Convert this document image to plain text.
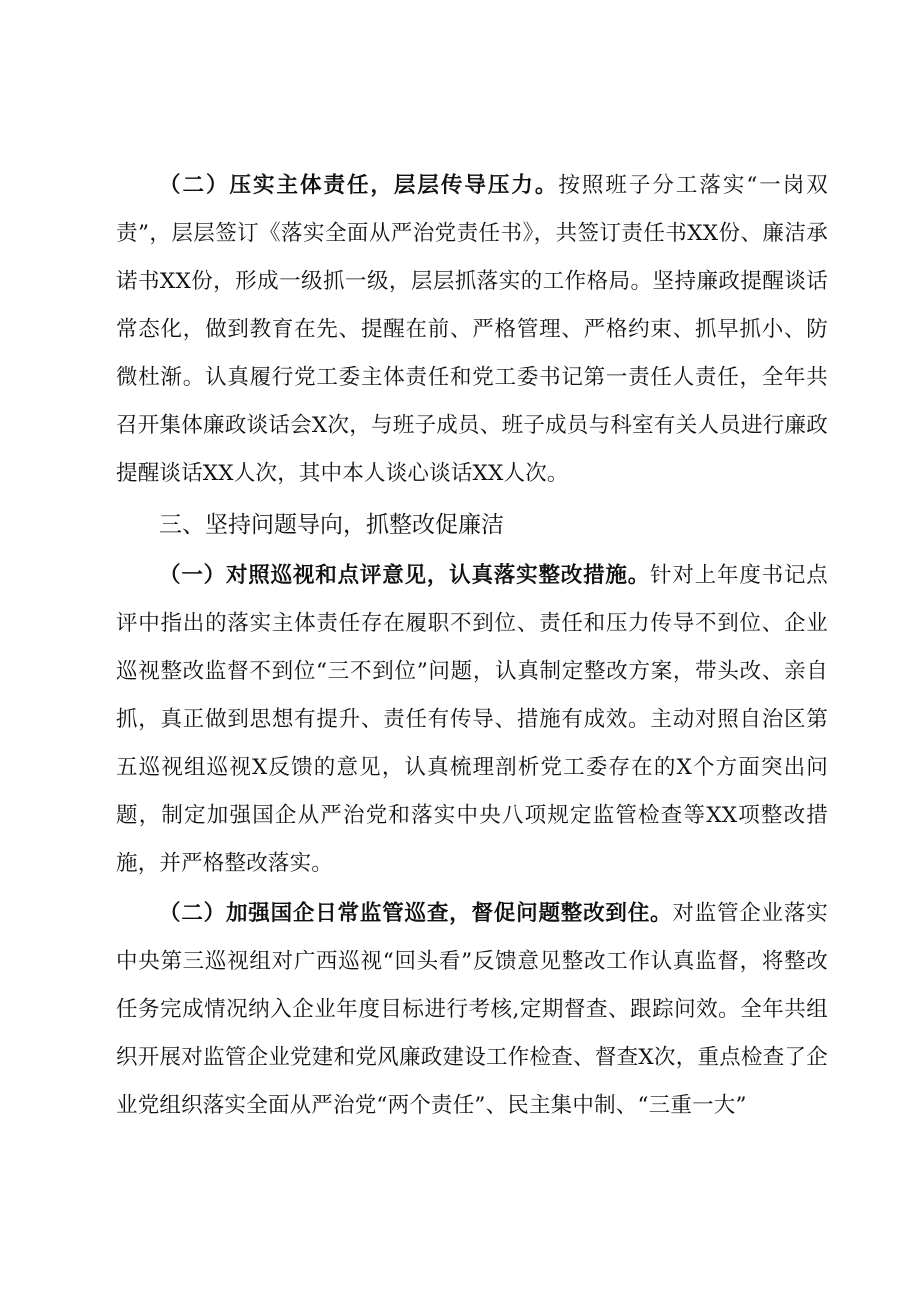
（二）压实主体责任，层层传导压力。按照班子分工落实“一岗双责”，层层签订《落实全面从严治党责任书》，共签订责任书XX份、廉洁承诺书XX份，形成一级抓一级，层层抓落实的工作格局。坚持廉政提醒谈话常态化，做到教育在先、提醒在前、严格管理、严格约束、抓早抓小、防微杜渐。认真履行党工委主体责任和党工委书记第一责任人责任，全年共召开集体廉政谈话会X次，与班子成员、班子成员与科室有关人员进行廉政提醒谈话XX人次，其中本人谈心谈话XX人次。

三、坚持问题导向，抓整改促廉洁

（一）对照巡视和点评意见，认真落实整改措施。针对上年度书记点评中指出的落实主体责任存在履职不到位、责任和压力传导不到位、企业巡视整改监督不到位“三不到位”问题，认真制定整改方案，带头改、亲自抓，真正做到思想有提升、责任有传导、措施有成效。主动对照自治区第五巡视组巡视X反馈的意见，认真梳理剖析党工委存在的X个方面突出问题，制定加强国企从严治党和落实中央八项规定监管检查等XX项整改措施，并严格整改落实。

（二）加强国企日常监管巡查，督促问题整改到住。对监管企业落实中央第三巡视组对广西巡视“回头看”反馈意见整改工作认真监督，将整改任务完成情况纳入企业年度目标进行考核,定期督查、跟踪问效。全年共组织开展对监管企业党建和党风廉政建设工作检查、督查X次，重点检查了企业党组织落实全面从严治党“两个责任”、民主集中制、“三重一大”
